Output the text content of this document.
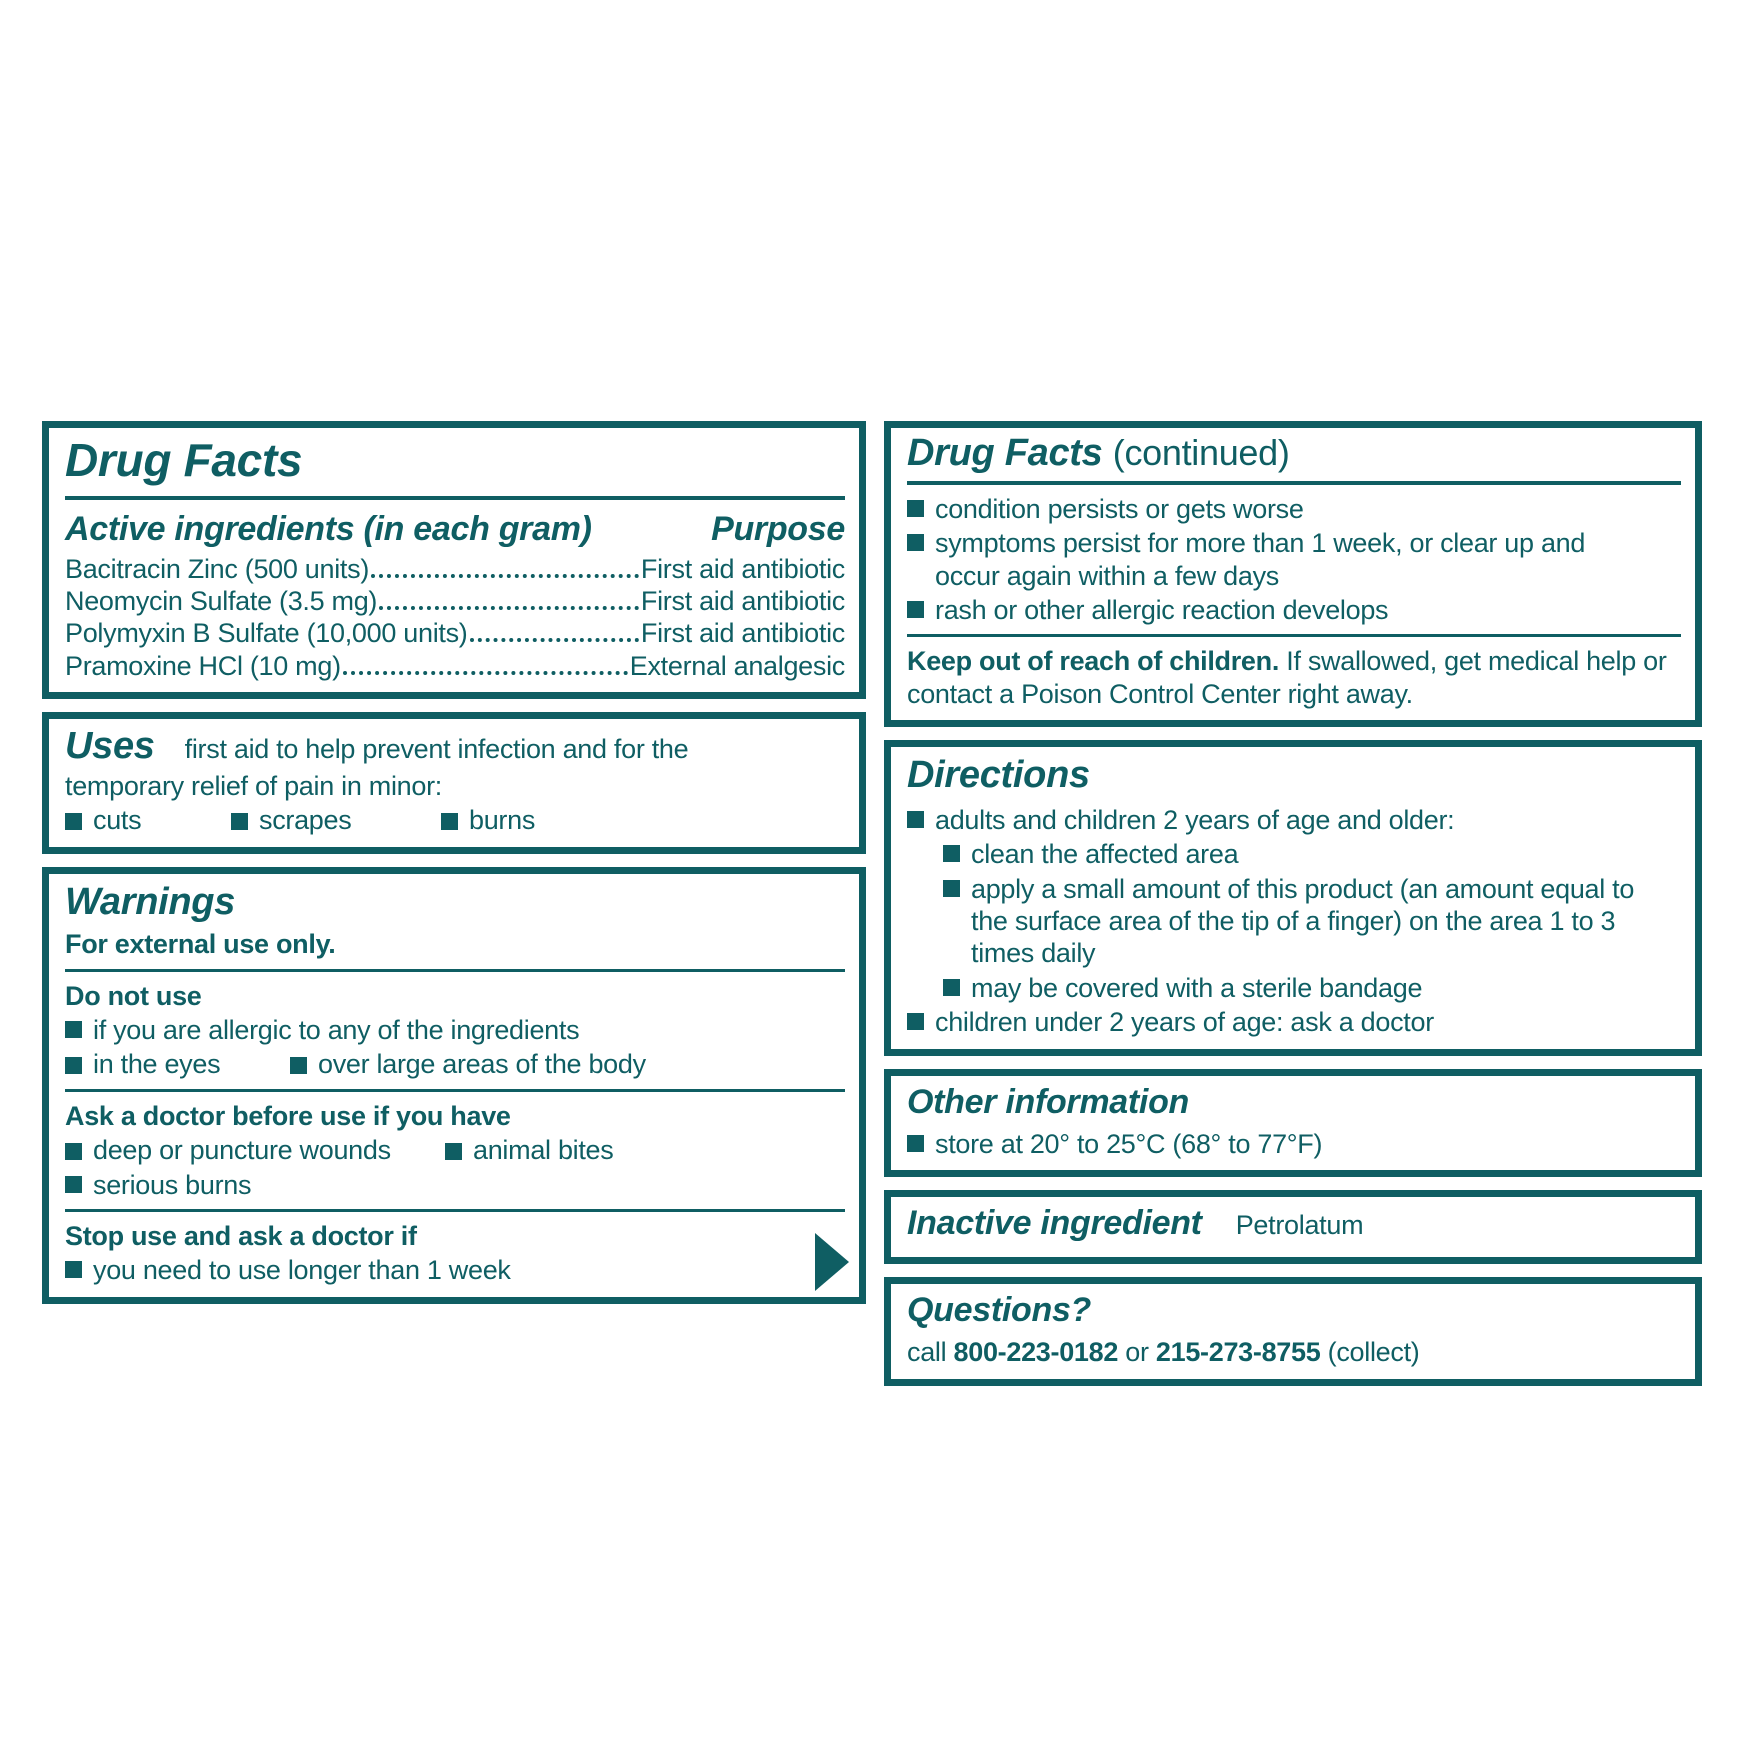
Drug Facts
Active ingredients (in each gram)	Purpose
Bacitracin Zinc (500 units)	First aid antibiotic
Neomycin Sulfate (3.5 mg)	First aid antibiotic
Polymyxin B Sulfate (10,000 units)	First aid antibiotic
Pramoxine HCl (10 mg)	External analgesic
Uses first aid to help prevent infection and for the
temporary relief of pain in minor:
cuts	scrapes	burns
Warnings
For external use only.
Do not use
if you are allergic to any of the ingredients
in the eyes	over large areas of the body
Ask a doctor before use if you have
deep or puncture wounds	animal bites
serious burns
Stop use and ask a doctor if
you need to use longer than 1 week
Drug Facts (continued)
condition persists or gets worse
symptoms persist for more than 1 week, or clear up and occur again within a few days
rash or other allergic reaction develops
Keep out of reach of children. If swallowed, get medical help or contact a Poison Control Center right away.
Directions
adults and children 2 years of age and older:
clean the affected area
apply a small amount of this product (an amount equal to the surface area of the tip of a finger) on the area 1 to 3 times daily
may be covered with a sterile bandage
children under 2 years of age: ask a doctor
Other information
store at 20° to 25°C (68° to 77°F)
Inactive ingredient Petrolatum
Questions?
call 800-223-0182 or 215-273-8755 (collect)
